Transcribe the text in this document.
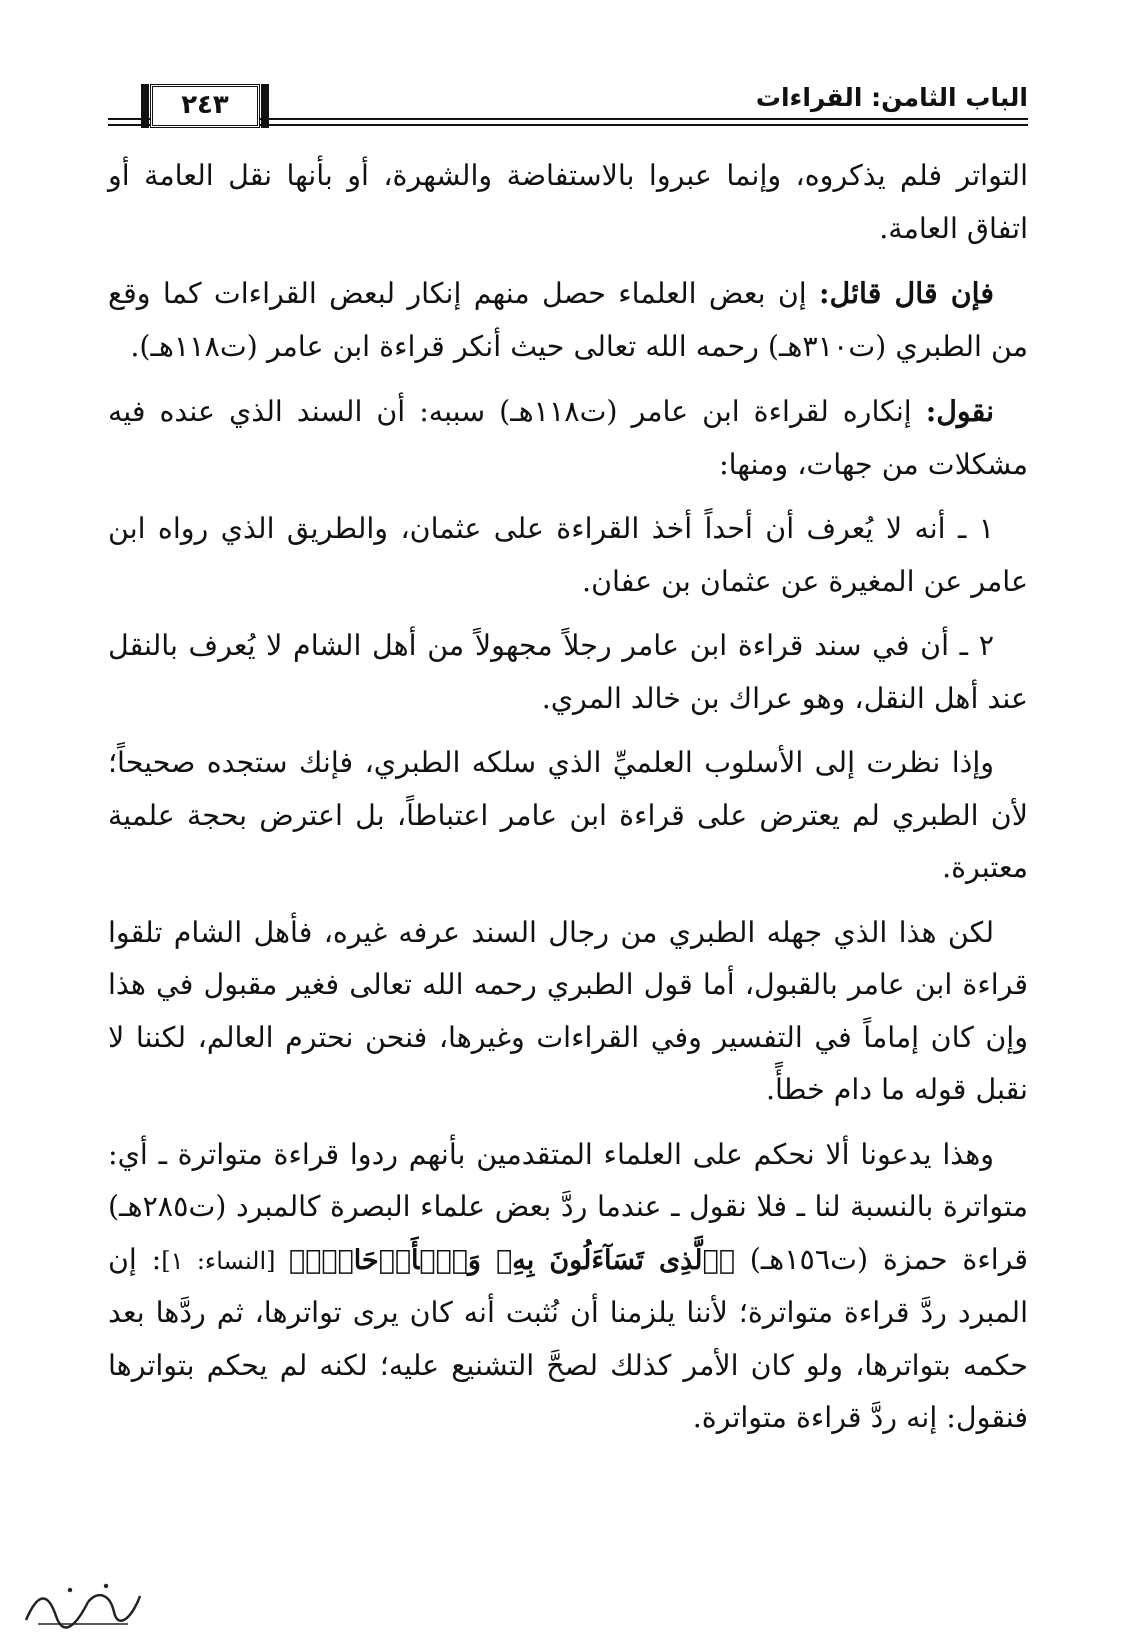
الباب الثامن: القراءات
٢٤٣

التواتر فلم يذكروه، وإنما عبروا بالاستفاضة والشهرة، أو بأنها نقل العامة أو اتفاق العامة.

فإن قال قائل: إن بعض العلماء حصل منهم إنكار لبعض القراءات كما وقع من الطبري (ت٣١٠هـ) رحمه الله تعالى حيث أنكر قراءة ابن عامر (ت١١٨هـ).

نقول: إنكاره لقراءة ابن عامر (ت١١٨هـ) سببه: أن السند الذي عنده فيه مشكلات من جهات، ومنها:

١ ـ أنه لا يُعرف أن أحداً أخذ القراءة على عثمان، والطريق الذي رواه ابن عامر عن المغيرة عن عثمان بن عفان.

٢ ـ أن في سند قراءة ابن عامر رجلاً مجهولاً من أهل الشام لا يُعرف بالنقل عند أهل النقل، وهو عراك بن خالد المري.

وإذا نظرت إلى الأسلوب العلميِّ الذي سلكه الطبري، فإنك ستجده صحيحاً؛ لأن الطبري لم يعترض على قراءة ابن عامر اعتباطاً، بل اعترض بحجة علمية معتبرة.

لكن هذا الذي جهله الطبري من رجال السند عرفه غيره، فأهل الشام تلقوا قراءة ابن عامر بالقبول، أما قول الطبري رحمه الله تعالى فغير مقبول في هذا وإن كان إماماً في التفسير وفي القراءات وغيرها، فنحن نحترم العالم، لكننا لا نقبل قوله ما دام خطأً.

وهذا يدعونا ألا نحكم على العلماء المتقدمين بأنهم ردوا قراءة متواترة ـ أي: متواترة بالنسبة لنا ـ فلا نقول ـ عندما ردَّ بعض علماء البصرة كالمبرد (ت٢٨٥هـ) قراءة حمزة (ت١٥٦هـ) ﴿ٱلَّذِى تَسَآءَلُونَ بِهِۦ وَٱلۡأَرۡحَامَۚ﴾ [النساء: ١]: إن المبرد ردَّ قراءة متواترة؛ لأننا يلزمنا أن نُثبت أنه كان يرى تواترها، ثم ردَّها بعد حكمه بتواترها، ولو كان الأمر كذلك لصحَّ التشنيع عليه؛ لكنه لم يحكم بتواترها فنقول: إنه ردَّ قراءة متواترة.
